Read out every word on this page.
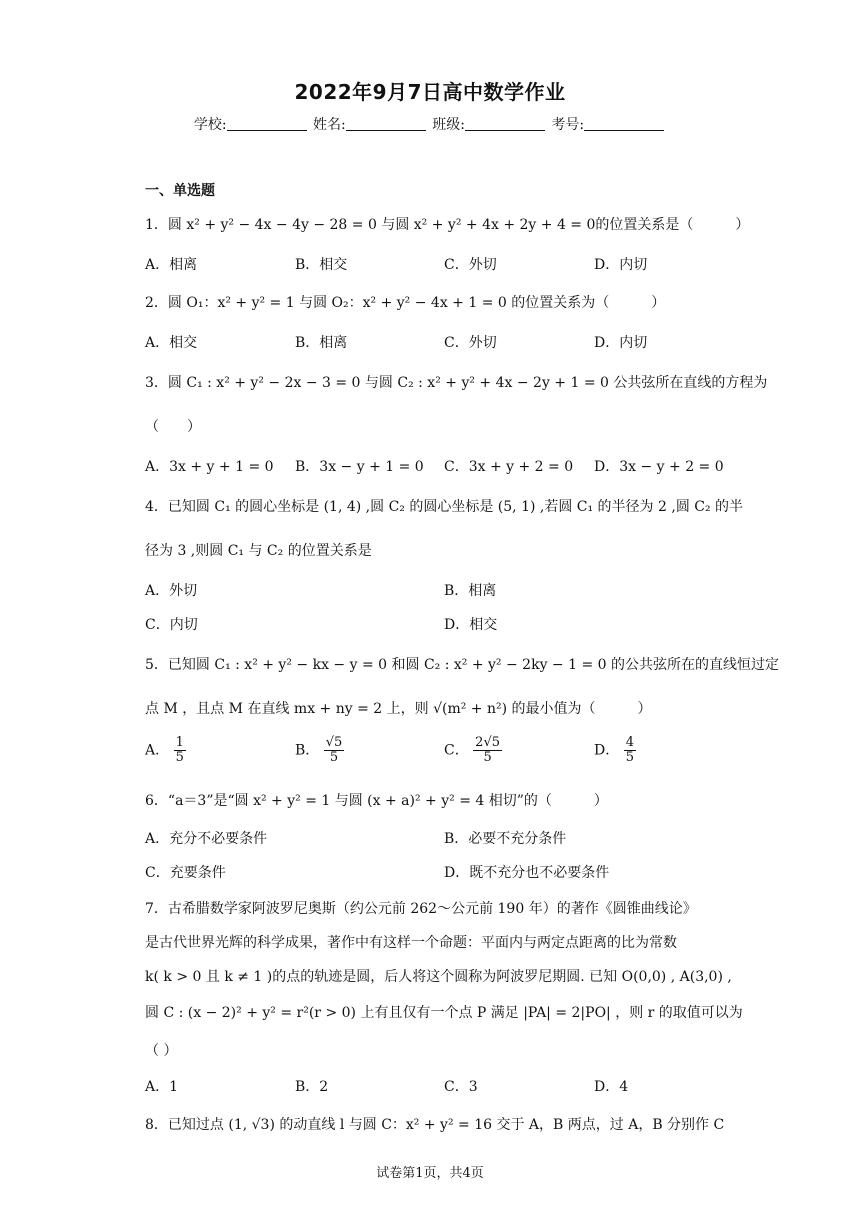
2022年9月7日高中数学作业
学校:	姓名:	班级:	考号:
一、单选题
1．圆 x² + y² − 4x − 4y − 28 = 0 与圆 x² + y² + 4x + 2y + 4 = 0的位置关系是（　　　）
A．相离	B．相交	C．外切	D．内切
2．圆 O₁：x² + y² = 1 与圆 O₂：x² + y² − 4x + 1 = 0 的位置关系为（　　　）
A．相交	B．相离	C．外切	D．内切
3．圆 C₁ : x² + y² − 2x − 3 = 0 与圆 C₂ : x² + y² + 4x − 2y + 1 = 0 公共弦所在直线的方程为
（　　）
A．3x + y + 1 = 0 B．3x − y + 1 = 0 C．3x + y + 2 = 0 D．3x − y + 2 = 0
4．已知圆 C₁ 的圆心坐标是 (1, 4) ,圆 C₂ 的圆心坐标是 (5, 1) ,若圆 C₁ 的半径为 2 ,圆 C₂ 的半
径为 3 ,则圆 C₁ 与 C₂ 的位置关系是
A．外切	B．相离
C．内切	D．相交
5．已知圆 C₁ : x² + y² − kx − y = 0 和圆 C₂ : x² + y² − 2ky − 1 = 0 的公共弦所在的直线恒过定
点 M ，且点 M 在直线 mx + ny = 2 上，则 √(m² + n²) 的最小值为（　　　）
A． $\frac{1}{5}$	B． $\frac{√5}{5}$	C． $\frac{2√5}{5}$	D． $\frac{4}{5}$
6．“a＝3”是“圆 x² + y² = 1 与圆 (x + a)² + y² = 4 相切”的（　　　）
A．充分不必要条件	B．必要不充分条件
C．充要条件	D．既不充分也不必要条件
7．古希腊数学家阿波罗尼奥斯（约公元前 262～公元前 190 年）的著作《圆锥曲线论》
是古代世界光辉的科学成果，著作中有这样一个命题：平面内与两定点距离的比为常数
k( k > 0 且 k ≠ 1 )的点的轨迹是圆，后人将这个圆称为阿波罗尼期圆. 已知 O(0,0) , A(3,0) ,
圆 C : (x − 2)² + y² = r²(r > 0) 上有且仅有一个点 P 满足 |PA| = 2|PO| ，则 r 的取值可以为
（ ）
A．1	B．2	C．3	D．4
8．已知过点 (1, √3) 的动直线 l 与圆 C：x² + y² = 16 交于 A，B 两点，过 A，B 分别作 C
试卷第1页，共4页
